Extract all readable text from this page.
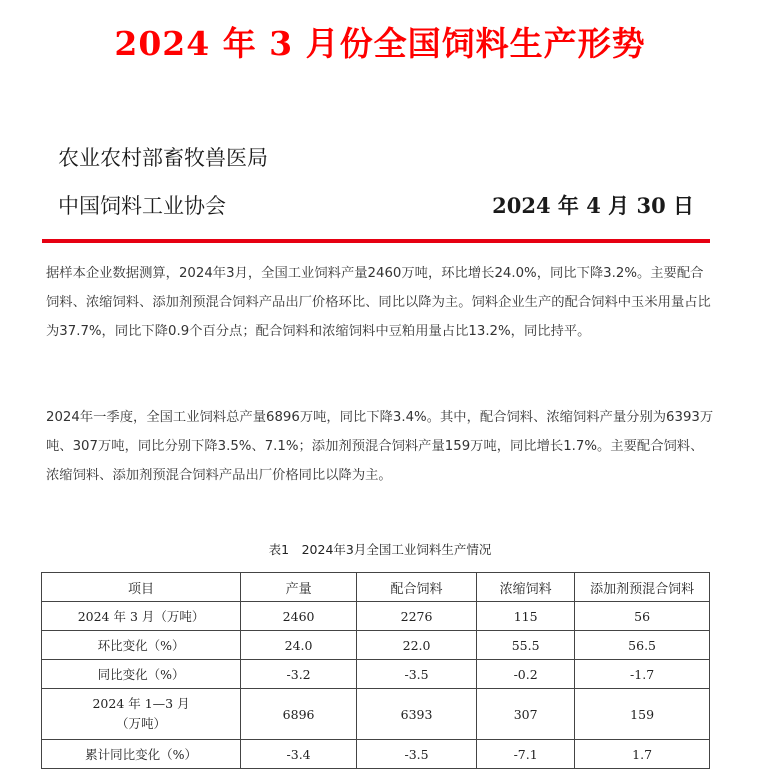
2024 年 3 月份全国饲料生产形势
农业农村部畜牧兽医局
中国饲料工业协会	2024 年 4 月 30 日

据样本企业数据测算，2024年3月，全国工业饲料产量2460万吨，环比增长24.0%，同比下降3.2%。主要配合饲料、浓缩饲料、添加剂预混合饲料产品出厂价格环比、同比以降为主。饲料企业生产的配合饲料中玉米用量占比为37.7%，同比下降0.9个百分点；配合饲料和浓缩饲料中豆粕用量占比13.2%，同比持平。

2024年一季度，全国工业饲料总产量6896万吨，同比下降3.4%。其中，配合饲料、浓缩饲料产量分别为6393万吨、307万吨，同比分别下降3.5%、7.1%；添加剂预混合饲料产量159万吨，同比增长1.7%。主要配合饲料、浓缩饲料、添加剂预混合饲料产品出厂价格同比以降为主。

表1　2024年3月全国工业饲料生产情况
项目	产量	配合饲料	浓缩饲料	添加剂预混合饲料
2024 年 3 月（万吨）	2460	2276	115	56
环比变化（%）	24.0	22.0	55.5	56.5
同比变化（%）	-3.2	-3.5	-0.2	-1.7

2024 年 1—3 月
（万吨）	6896	6393	307	159
累计同比变化（%）	-3.4	-3.5	-7.1	1.7
